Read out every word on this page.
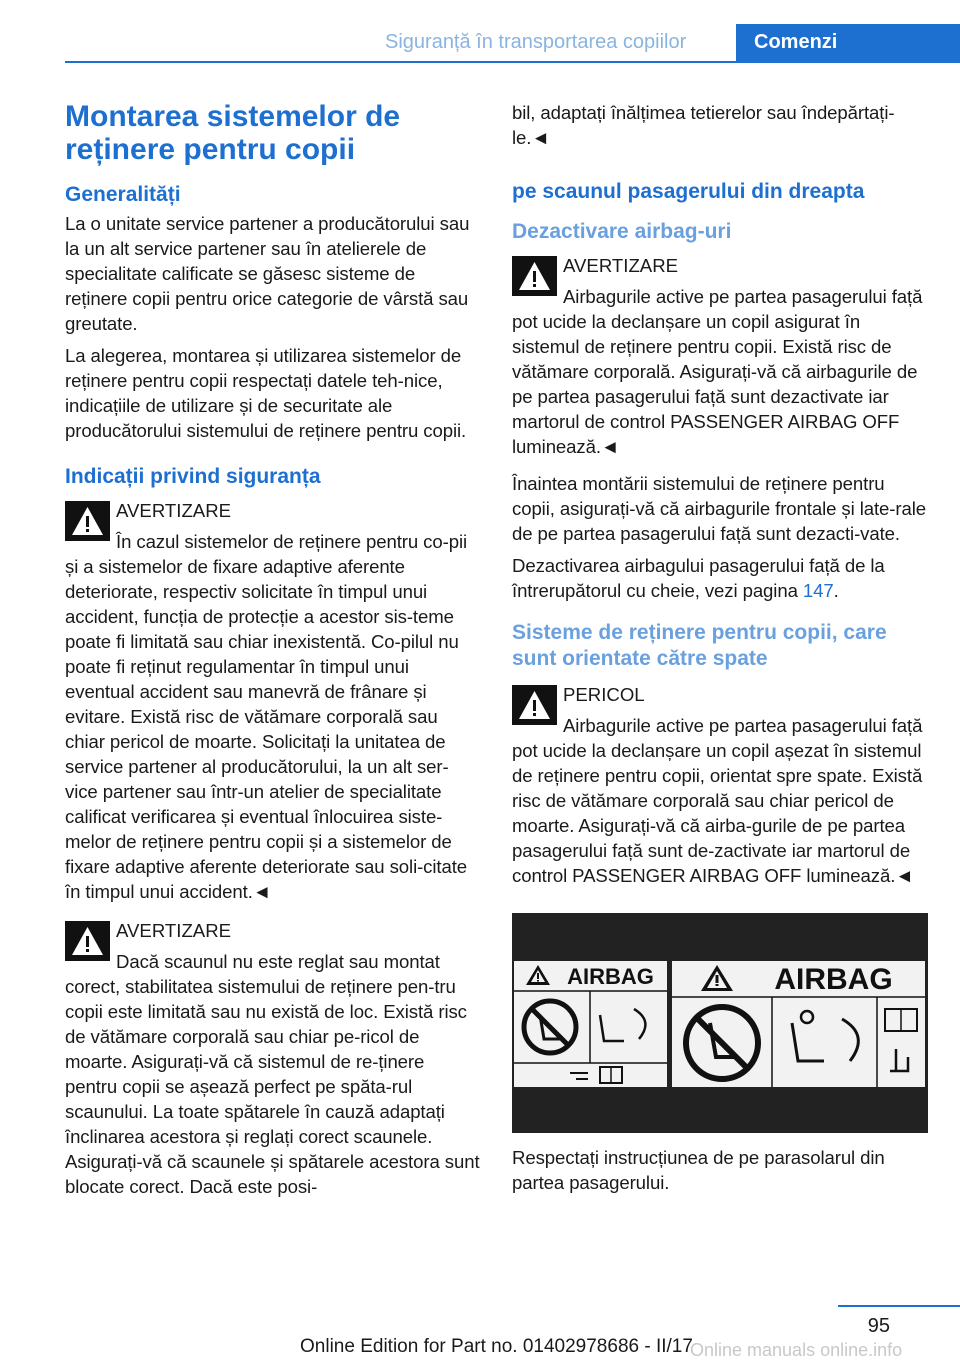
Siguranță în transportarea copiilor	Comenzi
Montarea sistemelor de reținere pentru copii
Generalități

La o unitate service partener a producătorului sau la un alt service partener sau în atelierele de specialitate calificate se găsesc sisteme de reținere copii pentru orice categorie de vârstă sau greutate.

La alegerea, montarea și utilizarea sistemelor de reținere pentru copii respectați datele teh‐nice, indicațiile de utilizare și de securitate ale producătorului sistemului de reținere pentru copii.

Indicații privind siguranța
AVERTIZARE

În cazul sistemelor de reținere pentru co‐pii și a sistemelor de fixare adaptive aferente deteriorate, respectiv solicitate în timpul unui accident, funcția de protecție a acestor sis‐teme poate fi limitată sau chiar inexistentă. Co‐pilul nu poate fi reținut regulamentar în timpul unui eventual accident sau manevră de frânare și evitare. Există risc de vătămare corporală sau chiar pericol de moarte. Solicitați la unitatea de service partener al producătorului, la un alt ser‐vice partener sau într-un atelier de specialitate calificat verificarea și eventual înlocuirea siste‐melor de reținere pentru copii și a sistemelor de fixare adaptive aferente deteriorate sau soli‐citate în timpul unui accident.◄

AVERTIZARE

Dacă scaunul nu este reglat sau montat corect, stabilitatea sistemului de reținere pen‐tru copii este limitată sau nu există de loc. Există risc de vătămare corporală sau chiar pe‐ricol de moarte. Asigurați-vă că sistemul de re‐ținere pentru copii se așează perfect pe spăta‐rul scaunului. La toate spătarele în cauză adaptați înclinarea acestora și reglați corect scaunele. Asigurați-vă că scaunele și spătarele acestora sunt blocate corect. Dacă este posi‐

bil, adaptați înălțimea tetierelor sau îndepărtați-le.◄

pe scaunul pasagerului din dreapta
Dezactivare airbag-uri
AVERTIZARE

Airbagurile active pe partea pasagerului față pot ucide la declanșare un copil asigurat în sistemul de reținere pentru copii. Există risc de vătămare corporală. Asigurați-vă că airbagurile de pe partea pasagerului față sunt dezactivate iar martorul de control PASSENGER AIRBAG OFF luminează.◄

Înaintea montării sistemului de reținere pentru copii, asigurați-vă că airbagurile frontale și late‐rale de pe partea pasagerului față sunt dezacti‐vate.

Dezactivarea airbagului pasagerului față de la întrerupătorul cu cheie, vezi pagina 147.

Sisteme de reținere pentru copii, care sunt orientate către spate
PERICOL

Airbagurile active pe partea pasagerului față pot ucide la declanșare un copil așezat în sistemul de reținere pentru copii, orientat spre spate. Există risc de vătămare corporală sau chiar pericol de moarte. Asigurați-vă că airba‐gurile de pe partea pasagerului față sunt de‐zactivate iar martorul de control PASSENGER AIRBAG OFF luminează.◄

AIRBAG	AIRBAG

Respectați instrucțiunea de pe parasolarul din partea pasagerului.

95
Online Edition for Part no. 01402978686 - II/17
Online manuals online.info
